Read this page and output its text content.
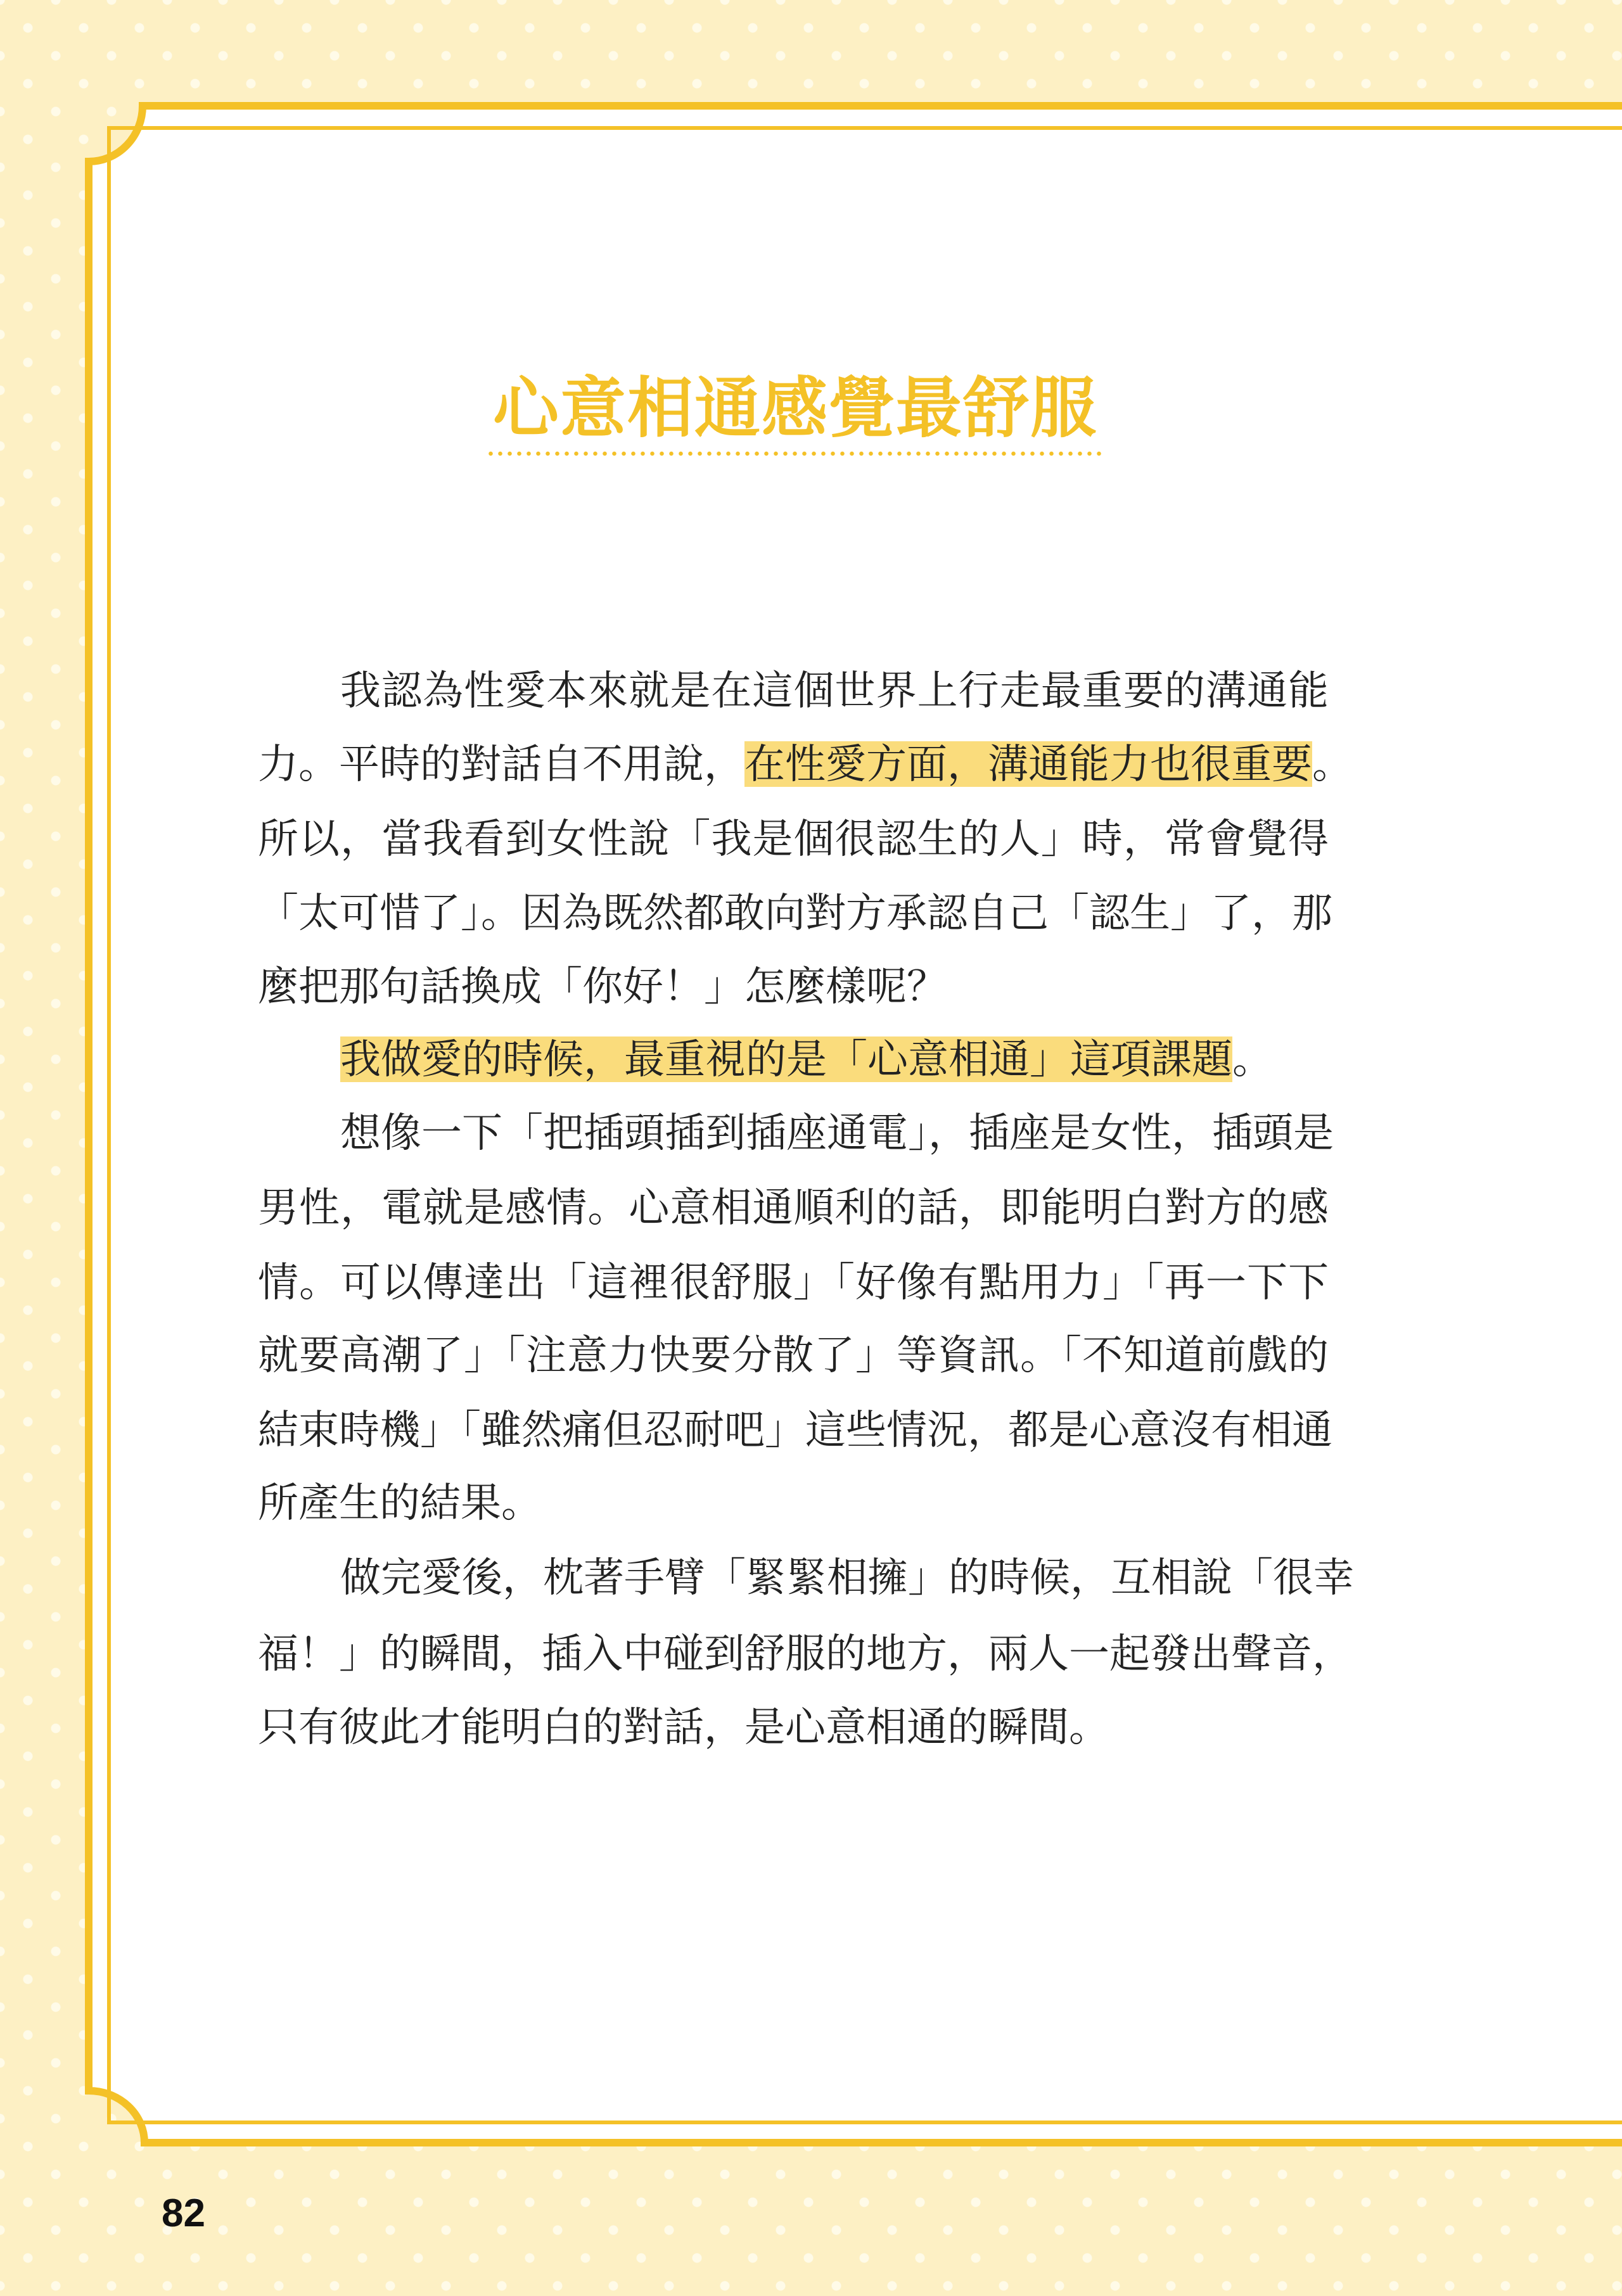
心意相通感覺最舒服
我認為性愛本來就是在這個世界上行走最重要的溝通能
力。平時的對話自不用說，在性愛方面，溝通能力也很重要。
所以，當我看到女性說「我是個很認生的人」時，常會覺得
「太可惜了」。因為既然都敢向對方承認自己「認生」了，那
麼把那句話換成「你好！」怎麼樣呢？
我做愛的時候，最重視的是「心意相通」這項課題。
想像一下「把插頭插到插座通電」，插座是女性，插頭是
男性，電就是感情。心意相通順利的話，即能明白對方的感
情。可以傳達出「這裡很舒服」「好像有點用力」「再一下下
就要高潮了」「注意力快要分散了」等資訊。「不知道前戲的
結束時機」「雖然痛但忍耐吧」這些情況，都是心意沒有相通
所產生的結果。
做完愛後，枕著手臂「緊緊相擁」的時候，互相說「很幸
福！」的瞬間，插入中碰到舒服的地方，兩人一起發出聲音，
只有彼此才能明白的對話，是心意相通的瞬間。
82
